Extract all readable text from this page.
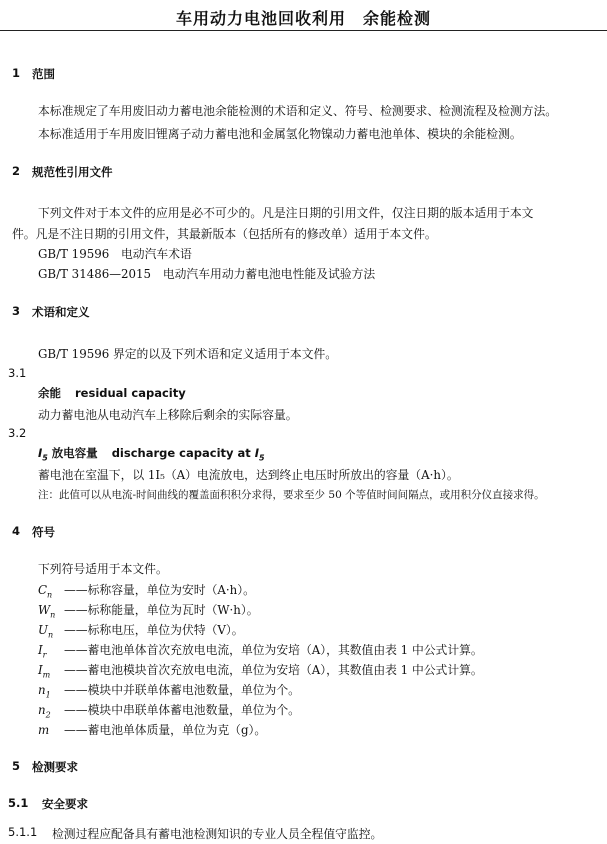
车用动力电池回收利用　余能检测
1 范围
本标准规定了车用废旧动力蓄电池余能检测的术语和定义、符号、检测要求、检测流程及检测方法。
本标准适用于车用废旧锂离子动力蓄电池和金属氢化物镍动力蓄电池单体、模块的余能检测。
2 规范性引用文件
下列文件对于本文件的应用是必不可少的。凡是注日期的引用文件，仅注日期的版本适用于本文
件。凡是不注日期的引用文件，其最新版本（包括所有的修改单）适用于本文件。
GB/T 19596　电动汽车术语
GB/T 31486—2015　电动汽车用动力蓄电池电性能及试验方法
3 术语和定义
GB/T 19596 界定的以及下列术语和定义适用于本文件。
3.1
余能 residual capacity
动力蓄电池从电动汽车上移除后剩余的实际容量。
3.2
$I_5$ 放电容量 discharge capacity at $I_5$
蓄电池在室温下，以 1I₅（A）电流放电，达到终止电压时所放出的容量（A·h）。
注：此值可以从电流-时间曲线的覆盖面积积分求得，要求至少 50 个等值时间间隔点，或用积分仪直接求得。
4 符号
下列符号适用于本文件。
$C_n$ ——标称容量，单位为安时（A·h）。
$W_n$ ——标称能量，单位为瓦时（W·h）。
$U_n$ ——标称电压，单位为伏特（V）。
$I_r$ ——蓄电池单体首次充放电电流，单位为安培（A），其数值由表 1 中公式计算。
$I_m$ ——蓄电池模块首次充放电电流，单位为安培（A），其数值由表 1 中公式计算。
$n_1$ ——模块中并联单体蓄电池数量，单位为个。
$n_2$ ——模块中串联单体蓄电池数量，单位为个。
m ——蓄电池单体质量，单位为克（g）。
5 检测要求
5.1 安全要求
5.1.1 检测过程应配备具有蓄电池检测知识的专业人员全程值守监控。
